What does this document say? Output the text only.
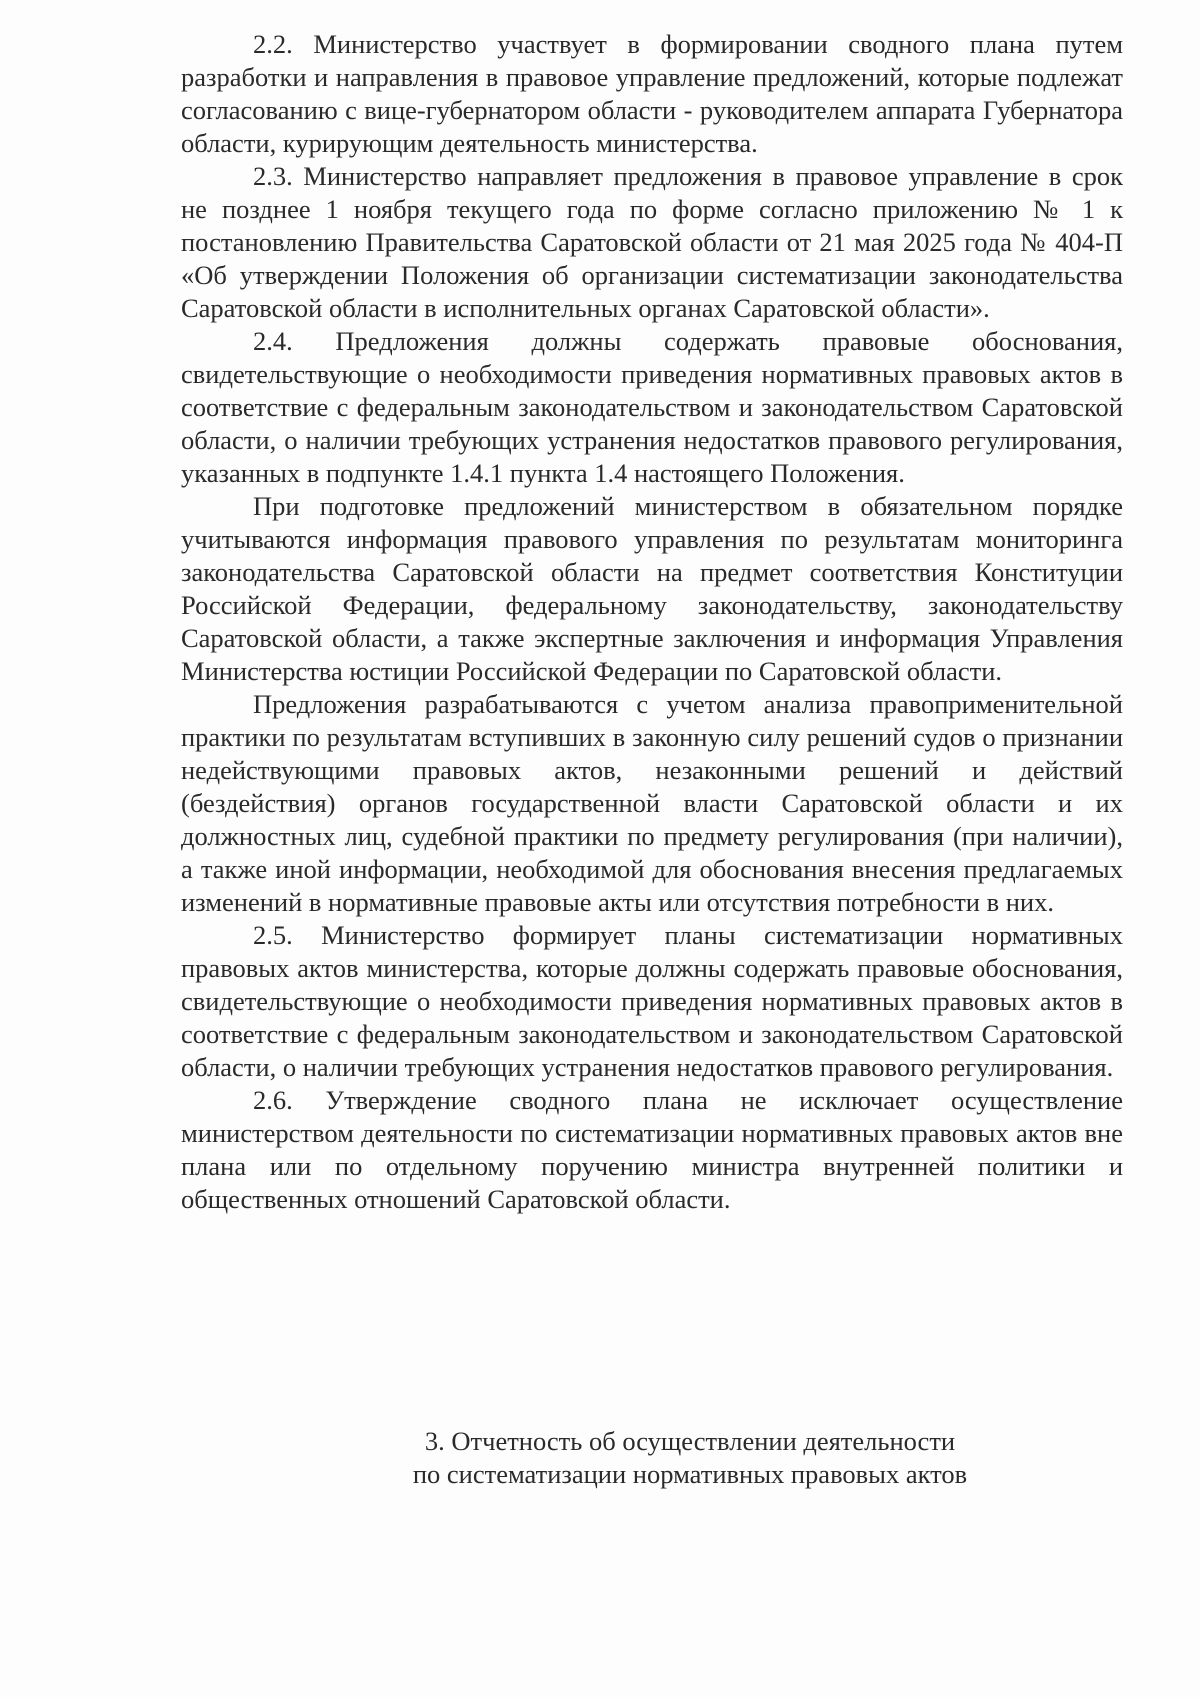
2.2. Министерство участвует в формировании сводного плана путем разработки и направления в правовое управление предложений, которые подлежат согласованию с вице-губернатором области - руководителем аппарата Губернатора области, курирующим деятельность министерства.

2.3. Министерство направляет предложения в правовое управление в срок не позднее 1 ноября текущего года по форме согласно приложению № 1 к постановлению Правительства Саратовской области от 21 мая 2025 года № 404-П «Об утверждении Положения об организации систематизации законодательства Саратовской области в исполнительных органах Саратовской области».

2.4. Предложения должны содержать правовые обоснования, свидетельствующие о необходимости приведения нормативных правовых актов в соответствие с федеральным законодательством и законодательством Саратовской области, о наличии требующих устранения недостатков правового регулирования, указанных в подпункте 1.4.1 пункта 1.4 настоящего Положения.

При подготовке предложений министерством в обязательном порядке учитываются информация правового управления по результатам мониторинга законодательства Саратовской области на предмет соответствия Конституции Российской Федерации, федеральному законодательству, законодательству Саратовской области, а также экспертные заключения и информация Управления Министерства юстиции Российской Федерации по Саратовской области.

Предложения разрабатываются с учетом анализа правоприменительной практики по результатам вступивших в законную силу решений судов о признании недействующими правовых актов, незаконными решений и действий (бездействия) органов государственной власти Саратовской области и их должностных лиц, судебной практики по предмету регулирования (при наличии), а также иной информации, необходимой для обоснования внесения предлагаемых изменений в нормативные правовые акты или отсутствия потребности в них.

2.5. Министерство формирует планы систематизации нормативных правовых актов министерства, которые должны содержать правовые обоснования, свидетельствующие о необходимости приведения нормативных правовых актов в соответствие с федеральным законодательством и законодательством Саратовской области, о наличии требующих устранения недостатков правового регулирования.

2.6. Утверждение сводного плана не исключает осуществление министерством деятельности по систематизации нормативных правовых актов вне плана или по отдельному поручению министра внутренней политики и общественных отношений Саратовской области.

3. Отчетность об осуществлении деятельности
по систематизации нормативных правовых актов
